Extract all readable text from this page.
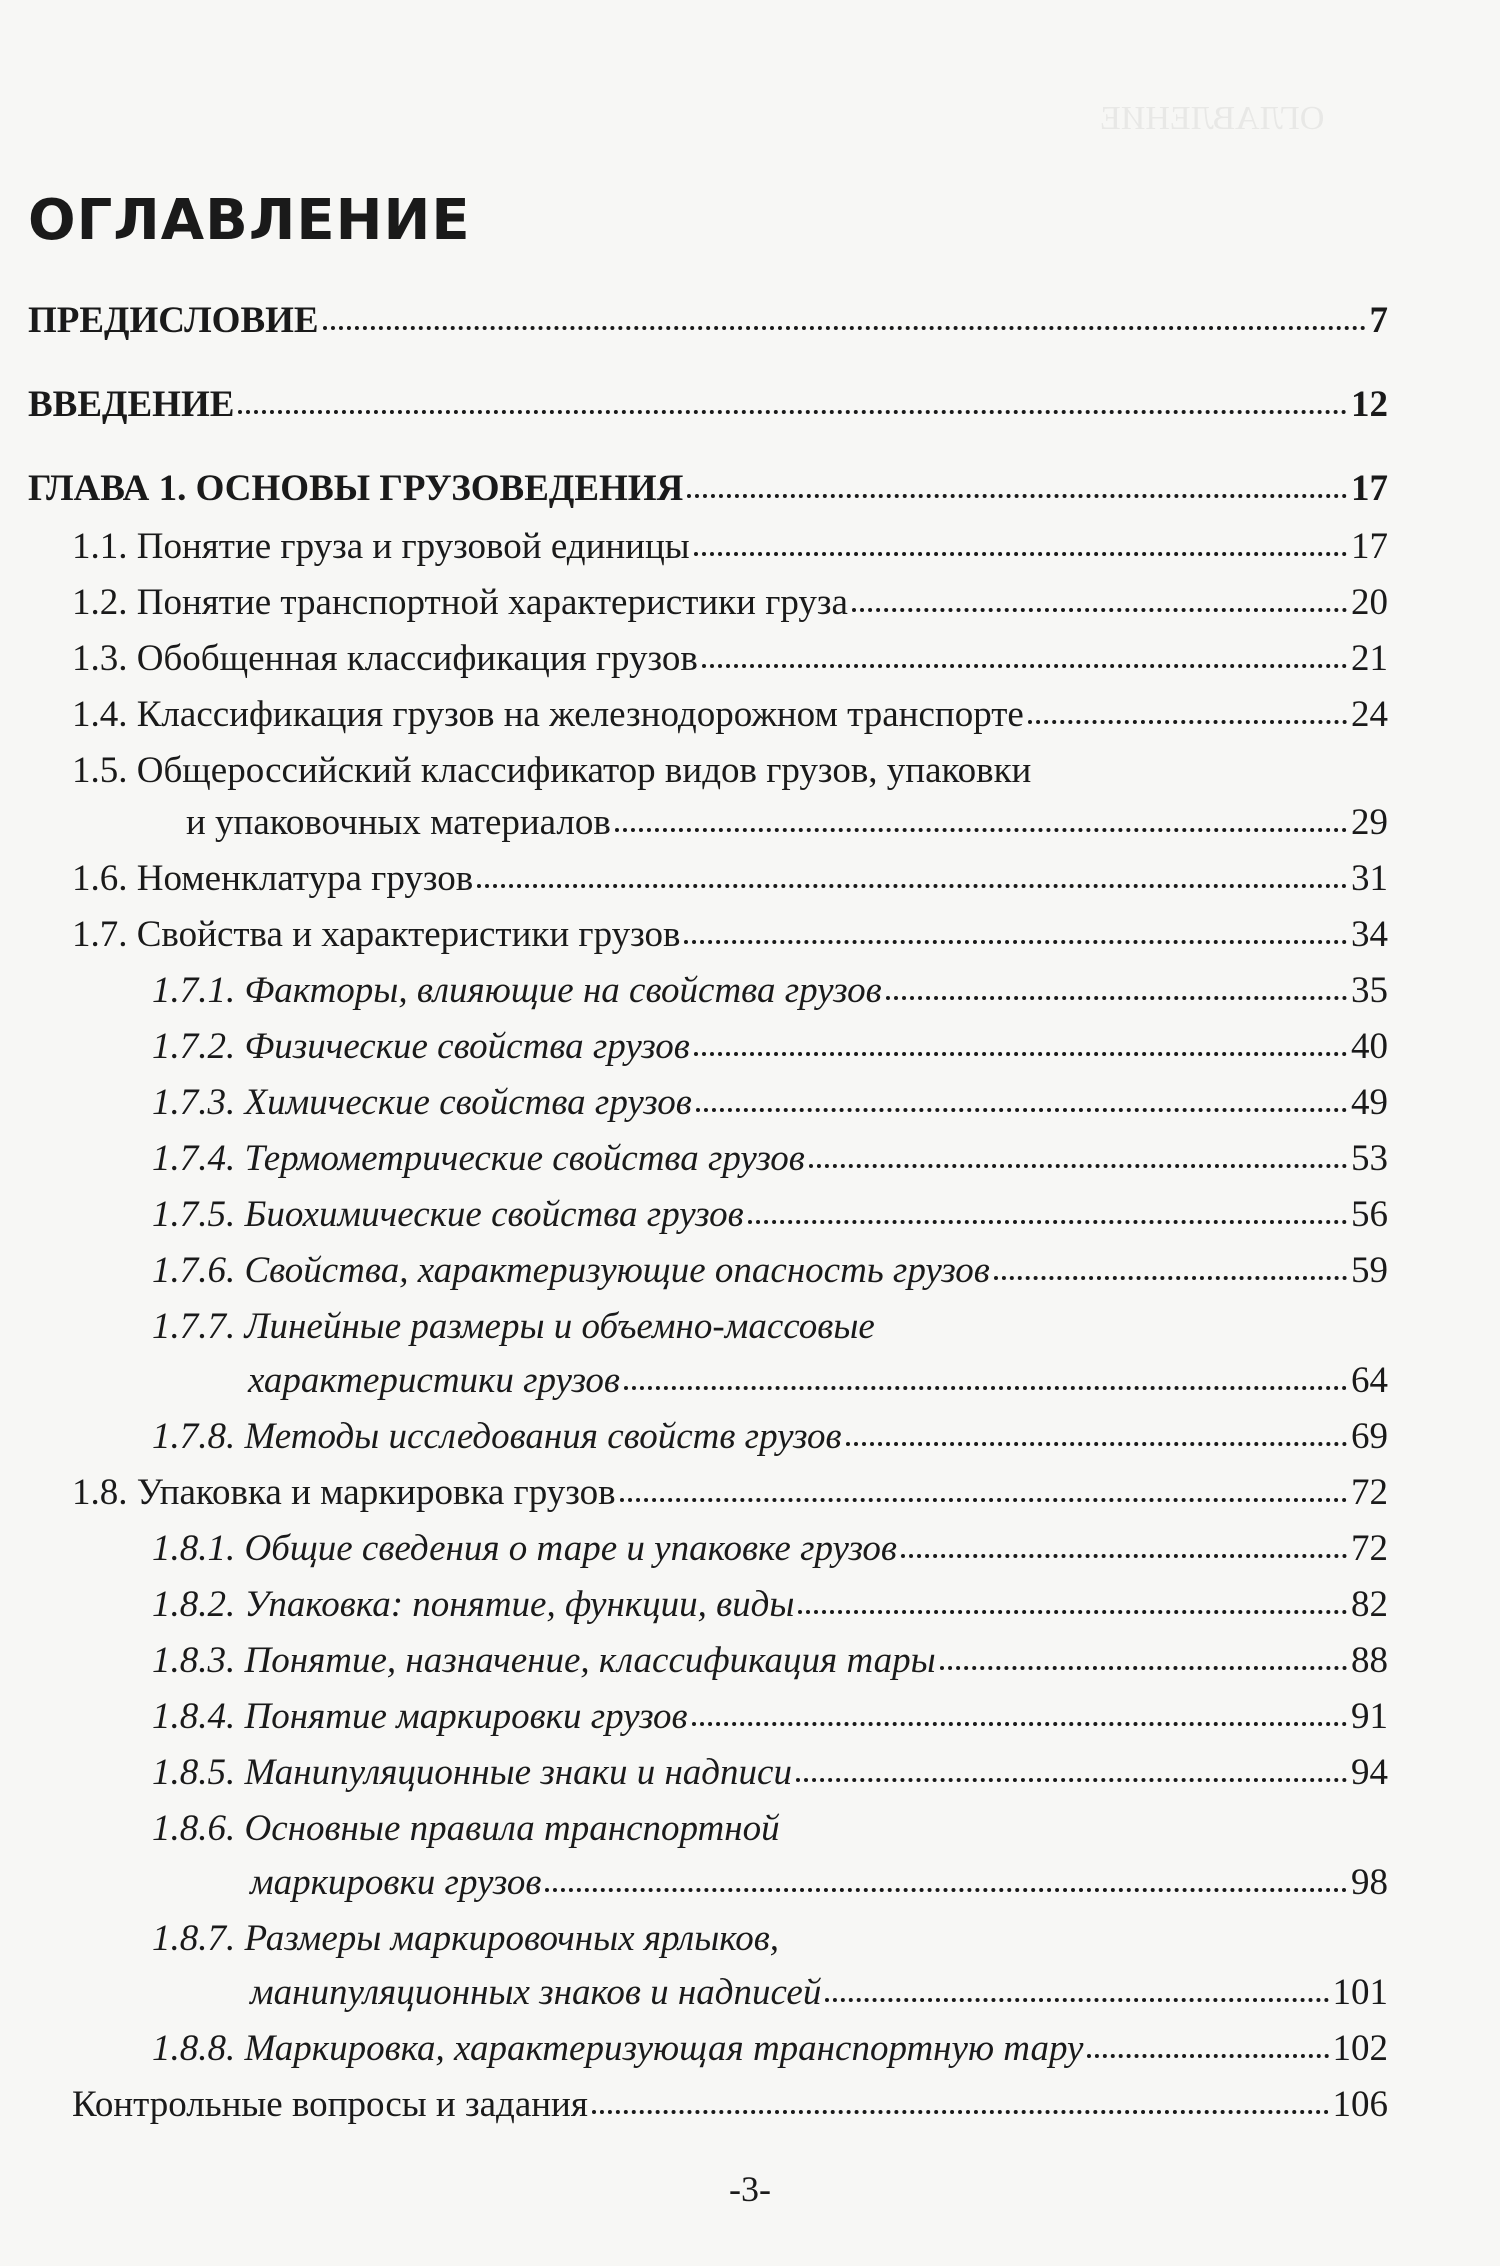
ОГЛАВЛЕНИЕ
ОГЛАВЛЕНИЕ
ПРЕДИСЛОВИЕ	7
ВВЕДЕНИЕ	12
ГЛАВА 1. ОСНОВЫ ГРУЗОВЕДЕНИЯ	17
1.1. Понятие груза и грузовой единицы	17
1.2. Понятие транспортной характеристики груза	20
1.3. Обобщенная классификация грузов	21
1.4. Классификация грузов на железнодорожном транспорте	24
1.5. Общероссийский классификатор видов грузов, упаковки
и упаковочных материалов	29
1.6. Номенклатура грузов	31
1.7. Свойства и характеристики грузов	34
1.7.1. Факторы, влияющие на свойства грузов	35
1.7.2. Физические свойства грузов	40
1.7.3. Химические свойства грузов	49
1.7.4. Термометрические свойства грузов	53
1.7.5. Биохимические свойства грузов	56
1.7.6. Свойства, характеризующие опасность грузов	59
1.7.7. Линейные размеры и объемно-массовые
характеристики грузов	64
1.7.8. Методы исследования свойств грузов	69
1.8. Упаковка и маркировка грузов	72
1.8.1. Общие сведения о таре и упаковке грузов	72
1.8.2. Упаковка: понятие, функции, виды	82
1.8.3. Понятие, назначение, классификация тары	88
1.8.4. Понятие маркировки грузов	91
1.8.5. Манипуляционные знаки и надписи	94
1.8.6. Основные правила транспортной
маркировки грузов	98
1.8.7. Размеры маркировочных ярлыков,
манипуляционных знаков и надписей	101
1.8.8. Маркировка, характеризующая транспортную тару	102
Контрольные вопросы и задания	106
-3-
